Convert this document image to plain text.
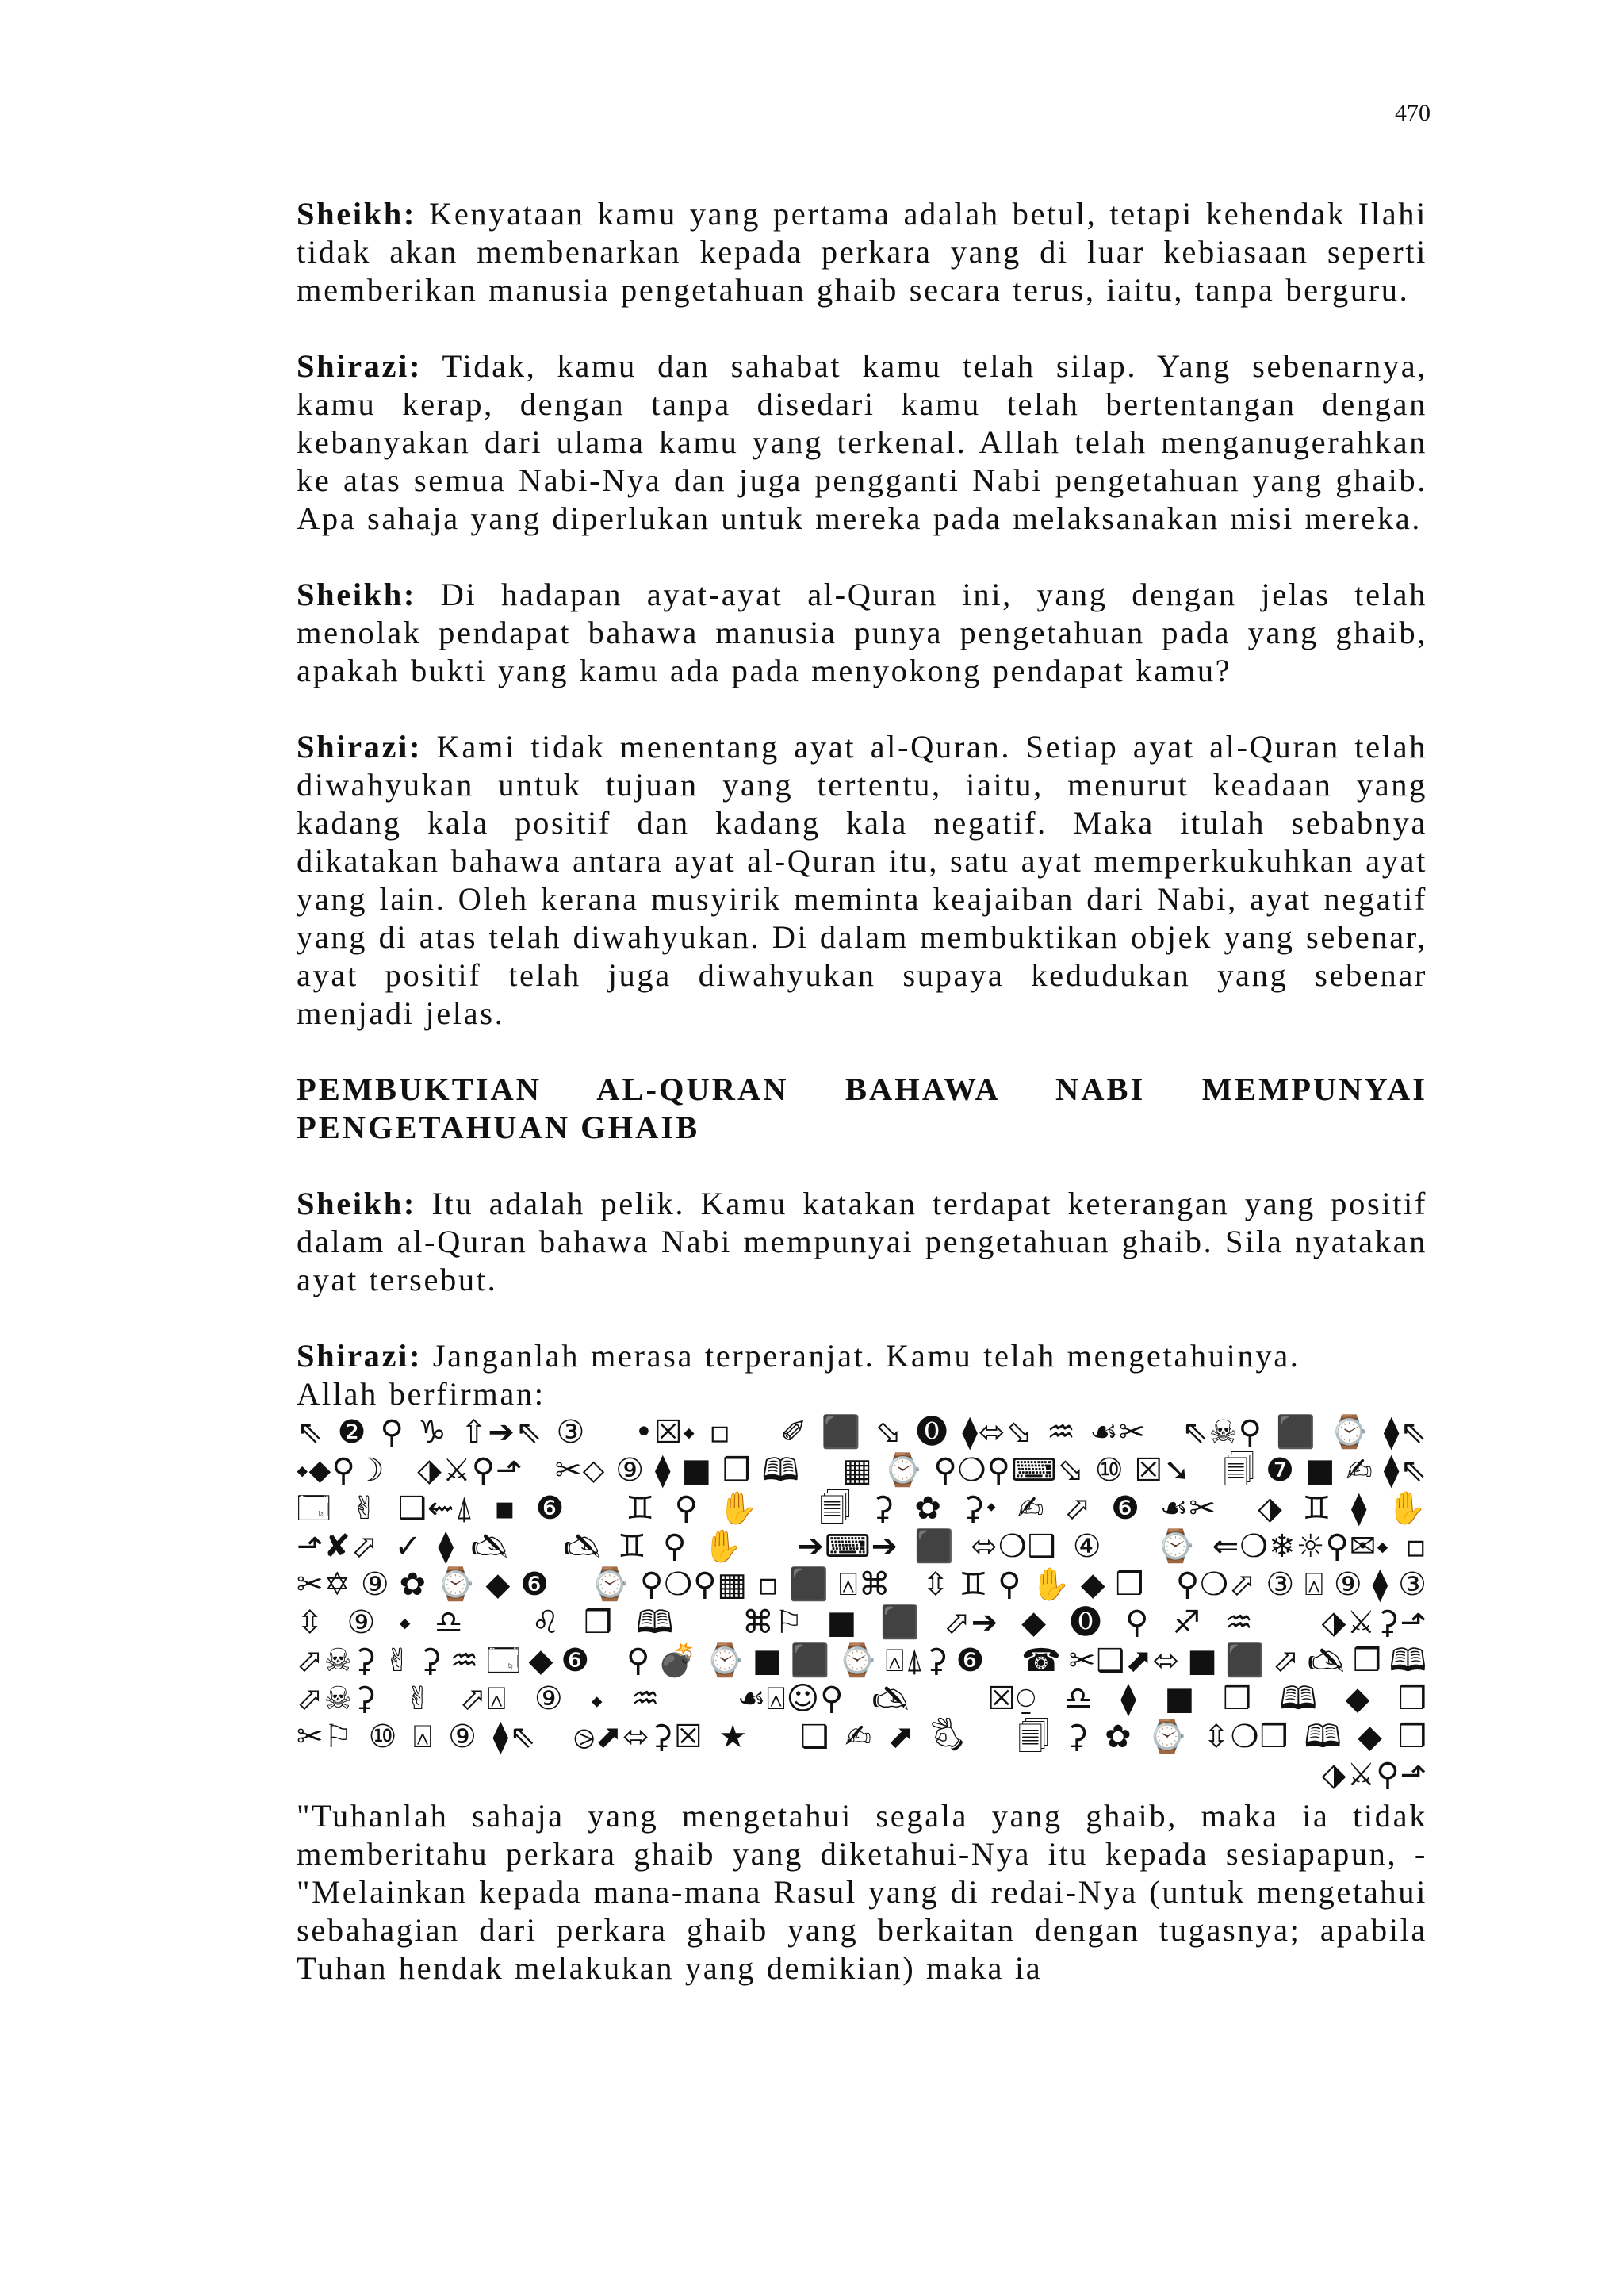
470

Sheikh: Kenyataan kamu yang pertama adalah betul, tetapi kehendak Ilahi tidak akan membenarkan kepada perkara yang di luar kebiasaan seperti memberikan manusia pengetahuan ghaib secara terus, iaitu, tanpa berguru.

Shirazi: Tidak, kamu dan sahabat kamu telah silap. Yang sebenarnya, kamu kerap, dengan tanpa disedari kamu telah bertentangan dengan kebanyakan dari ulama kamu yang terkenal. Allah telah menganugerahkan ke atas semua Nabi-Nya dan juga pengganti Nabi pengetahuan yang ghaib. Apa sahaja yang diperlukan untuk mereka pada melaksanakan misi mereka.

Sheikh: Di hadapan ayat-ayat al-Quran ini, yang dengan jelas telah menolak pendapat bahawa manusia punya pengetahuan pada yang ghaib, apakah bukti yang kamu ada pada menyokong pendapat kamu?

Shirazi: Kami tidak menentang ayat al-Quran. Setiap ayat al-Quran telah diwahyukan untuk tujuan yang tertentu, iaitu, menurut keadaan yang kadang kala positif dan kadang kala negatif. Maka itulah sebabnya dikatakan bahawa antara ayat al-Quran itu, satu ayat memperkukuhkan ayat yang lain. Oleh kerana musyirik meminta keajaiban dari Nabi, ayat negatif yang di atas telah diwahyukan. Di dalam membuktikan objek yang sebenar, ayat positif telah juga diwahyukan supaya kedudukan yang sebenar menjadi jelas.

PEMBUKTIAN AL-QURAN BAHAWA NABI MEMPUNYAI
PENGETAHUAN GHAIB

Sheikh: Itu adalah pelik. Kamu katakan terdapat keterangan yang positif dalam al-Quran bahawa Nabi mempunyai pengetahuan ghaib. Sila nyatakan ayat tersebut.

Shirazi: Janganlah merasa terperanjat. Kamu telah mengetahuinya.
Allah berfirman:

⇖❷⚲♑⇧➔⇖③ •☒⬩▫ ✐⬛⬂⓿⧫⬄⬂♒☙✂ ⇖☠⚲⬛⌚⧫⇖
⬩⬥⚲☽ ⬗⚔⚲⬏ ✂⬦⑨⧫■❒🕮 ▦⌚⚲❍⚲⌨⬂⑩☒➘ 🗐❼■✍⧫⇖
🗔✌❑⇜⍋▪❻ ♊⚲✋ 🗐⚳✿⚳⬩✍⬀❻☙✂ ⬗♊⧫✋
⬏✘⬀✓⧫🖎 🖎♊⚲✋ ➔⌨➔⬛⬄❍❑④ ⌚⇐❍❄☼⚲✉⬩▫
✂✡⑨✿⌚◆❻ ⌚⚲❍⚲▦▫⬛⍓⌘ ⇳♊⚲✋◆❒ ⚲❍⬀③⍓⑨⧫③
⇳⑨⬩♎ ♌❒🕮 ⌘⚐■⬛⬀➔◆⓿⚲♐♒ ⬗⚔⚳⬏
⬀☠⚳✌⚳♒🗔◆❻ ⚲💣⌚■⬛⌚⍓⍋⚳❻ ☎✂❑⬈⬄■⬛⬀🖎❒🕮
⬀☠⚳✌⬀⍓⑨⬩♒ ☙⍓☺⚲🖎 ☒⍜♎⧫■❒🕮◆❒
✂⚐⑩⍓⑨⧫⇖ ⧁⬈⬄⚳☒★ ❑✍⬈🖏 🗐⚳✿⌚⇳❍❒🕮◆❒
⬗⚔⚲⬏

"Tuhanlah sahaja yang mengetahui segala yang ghaib, maka ia tidak memberitahu perkara ghaib yang diketahui-Nya itu kepada sesiapapun, - "Melainkan kepada mana-mana Rasul yang di redai-Nya (untuk mengetahui sebahagian dari perkara ghaib yang berkaitan dengan tugasnya; apabila Tuhan hendak melakukan yang demikian) maka ia
